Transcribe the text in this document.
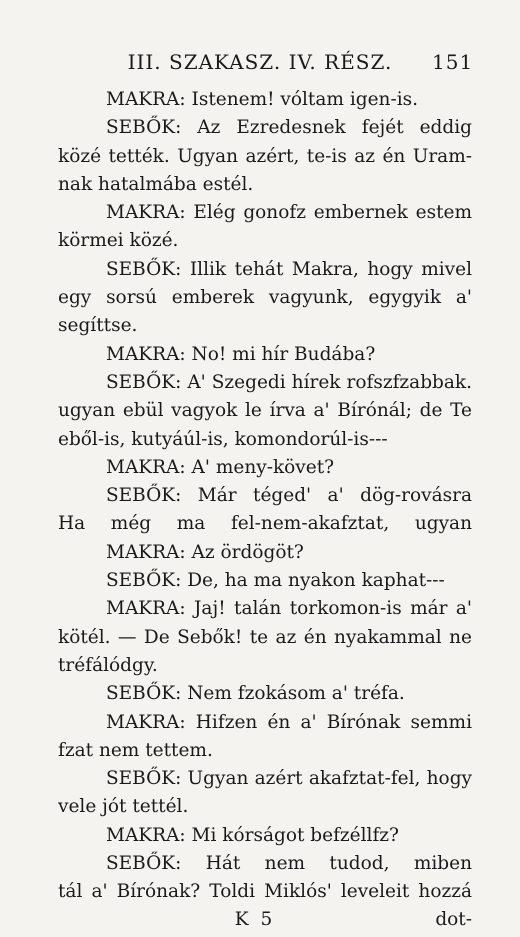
III. SZAKASZ. IV. RÉSZ.	151
MAKRA: Istenem! vóltam igen-is.
SEBŐK: Az Ezredesnek fejét eddig
közé tették. Ugyan azért, te-is az én Uram-
nak hatalmába estél.
MAKRA: Elég gonofz embernek estem
körmei közé.
SEBŐK: Illik tehát Makra, hogy mivel
egy sorsú emberek vagyunk, egygyik a'
segíttse.
MAKRA: No! mi hír Budába?
SEBŐK: A' Szegedi hírek rofszfzabbak.
ugyan ebül vagyok le írva a' Bírónál; de Te
eből-is, kutyáúl-is, komondorúl-is---
MAKRA: A' meny-követ?
SEBŐK: Már téged' a' dög-rovásra
Ha még ma fel-nem-akafztat, ugyan
MAKRA: Az ördögöt?
SEBŐK: De, ha ma nyakon kaphat---
MAKRA: Jaj! talán torkomon-is már a'
kötél. — De Sebők! te az én nyakammal ne
tréfálódgy.
SEBŐK: Nem fzokásom a' tréfa.
MAKRA: Hifzen én a' Bírónak semmi
fzat nem tettem.
SEBŐK: Ugyan azért akafztat-fel, hogy
vele jót tettél.
MAKRA: Mi kórságot befzéllfz?
SEBŐK: Hát nem tudod, miben
tál a' Bírónak? Toldi Miklós' leveleit hozzá
K 5	dot-
